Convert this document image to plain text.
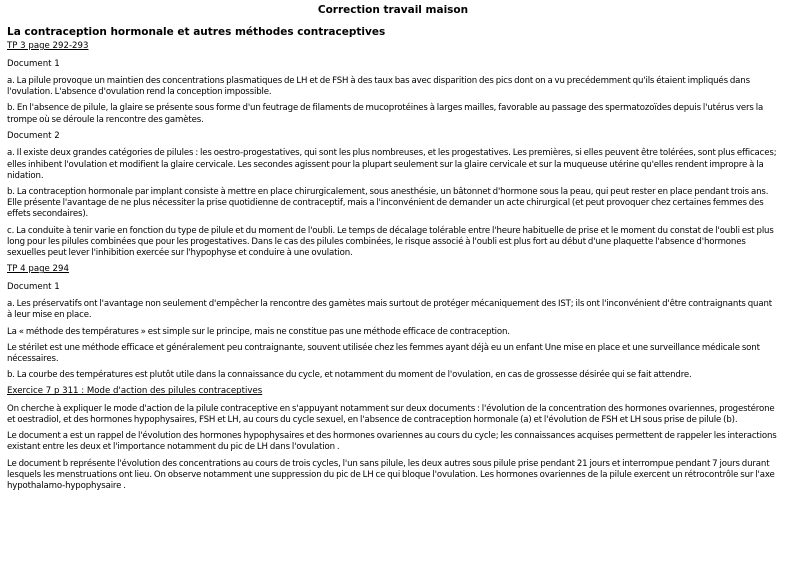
Correction travail maison
La contraception hormonale et autres méthodes contraceptives
TP 3 page 292-293
Document 1
a. La pilule provoque un maintien des concentrations plasmatiques de LH et de FSH à des taux bas avec disparition des pics dont on a vu precédemment qu'ils étaient impliqués dans l'ovulation. L'absence d'ovulation rend la conception impossible.
b. En l'absence de pilule, la glaire se présente sous forme d'un feutrage de filaments de mucoprotéines à larges mailles, favorable au passage des spermatozoïdes depuis l'utérus vers la trompe où se déroule la rencontre des gamètes.
Document 2
a. Il existe deux grandes catégories de pilules : les oestro-progestatives, qui sont les plus nombreuses, et les progestatives. Les premières, si elles peuvent être tolérées, sont plus efficaces; elles inhibent l'ovulation et modifient la glaire cervicale. Les secondes agissent pour la plupart seulement sur la glaire cervicale et sur la muqueuse utérine qu'elles rendent impropre à la nidation.
b. La contraception hormonale par implant consiste à mettre en place chirurgicalement, sous anesthésie, un bâtonnet d'hormone sous la peau, qui peut rester en place pendant trois ans. Elle présente l'avantage de ne plus nécessiter la prise quotidienne de contraceptif, mais a l'inconvénient de demander un acte chirurgical (et peut provoquer chez certaines femmes des effets secondaires).
c. La conduite à tenir varie en fonction du type de pilule et du moment de l'oubli. Le temps de décalage tolérable entre l'heure habituelle de prise et le moment du constat de l'oubli est plus long pour les pilules combinées que pour les progestatives. Dans le cas des pilules combinées, le risque associé à l'oubli est plus fort au début d'une plaquette l'absence d'hormones sexuelles peut lever l'inhibition exercée sur l'hypophyse et conduire à une ovulation.
TP 4 page 294
Document 1
a. Les préservatifs ont l'avantage non seulement d'empêcher la rencontre des gamètes mais surtout de protéger mécaniquement des IST; ils ont l'inconvénient d'être contraignants quant à leur mise en place.
La « méthode des températures » est simple sur le principe, mais ne constitue pas une méthode efficace de contraception.
Le stérilet est une méthode efficace et généralement peu contraignante, souvent utilisée chez les femmes ayant déjà eu un enfant Une mise en place et une surveillance médicale sont nécessaires.
b. La courbe des températures est plutôt utile dans la connaissance du cycle, et notamment du moment de l'ovulation, en cas de grossesse désirée qui se fait attendre.
Exercice 7 p 311 : Mode d'action des pilules contraceptives
On cherche à expliquer le mode d'action de la pilule contraceptive en s'appuyant notamment sur deux documents : l'évolution de la concentration des hormones ovariennes, progestérone et oestradiol, et des hormones hypophysaires, FSH et LH, au cours du cycle sexuel, en l'absence de contraception hormonale (a) et l'évolution de FSH et LH sous prise de pilule (b).
Le document a est un rappel de l'évolution des hormones hypophysaires et des hormones ovariennes au cours du cycle; les connaissances acquises permettent de rappeler les interactions existant entre les deux et l'importance notamment du pic de LH dans l'ovulation .
Le document b représente l'évolution des concentrations au cours de trois cycles, l'un sans pilule, les deux autres sous pilule prise pendant 21 jours et interrompue pendant 7 jours durant lesquels les menstruations ont lieu. On observe notamment une suppression du pic de LH ce qui bloque l'ovulation. Les hormones ovariennes de la pilule exercent un rétrocontrôle sur l'axe hypothalamo-hypophysaire .
